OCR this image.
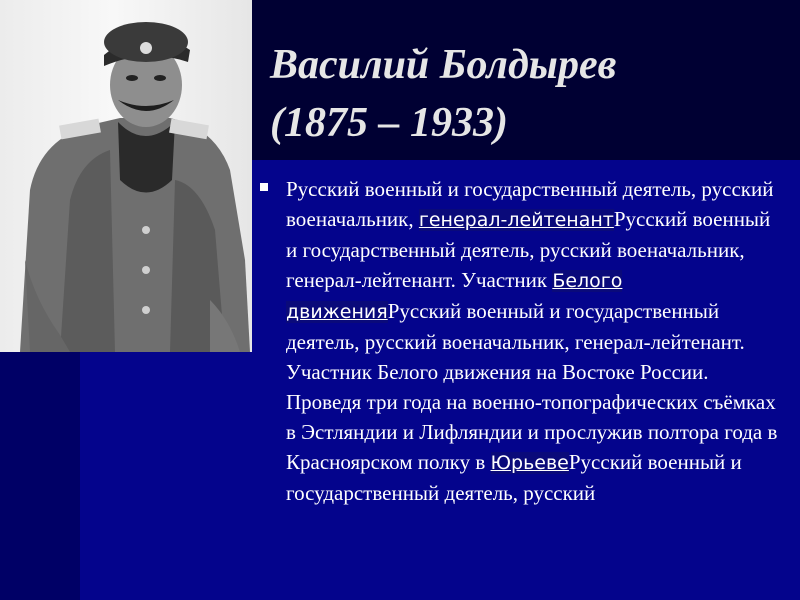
Василий Болдырев
(1875 – 1933)

Русский военный и государственный деятель, русский военачальник, генерал-лейтенантРусский военный и государственный деятель, русский военачальник, генерал-лейтенант. Участник Белого движенияРусский военный и государственный деятель, русский военачальник, генерал-лейтенант. Участник Белого движения на Востоке России. Проведя три года на военно-топографических съёмках в Эстляндии и Лифляндии и прослужив полтора года в Красноярском полку в ЮрьевеРусский военный и государственный деятель, русский
